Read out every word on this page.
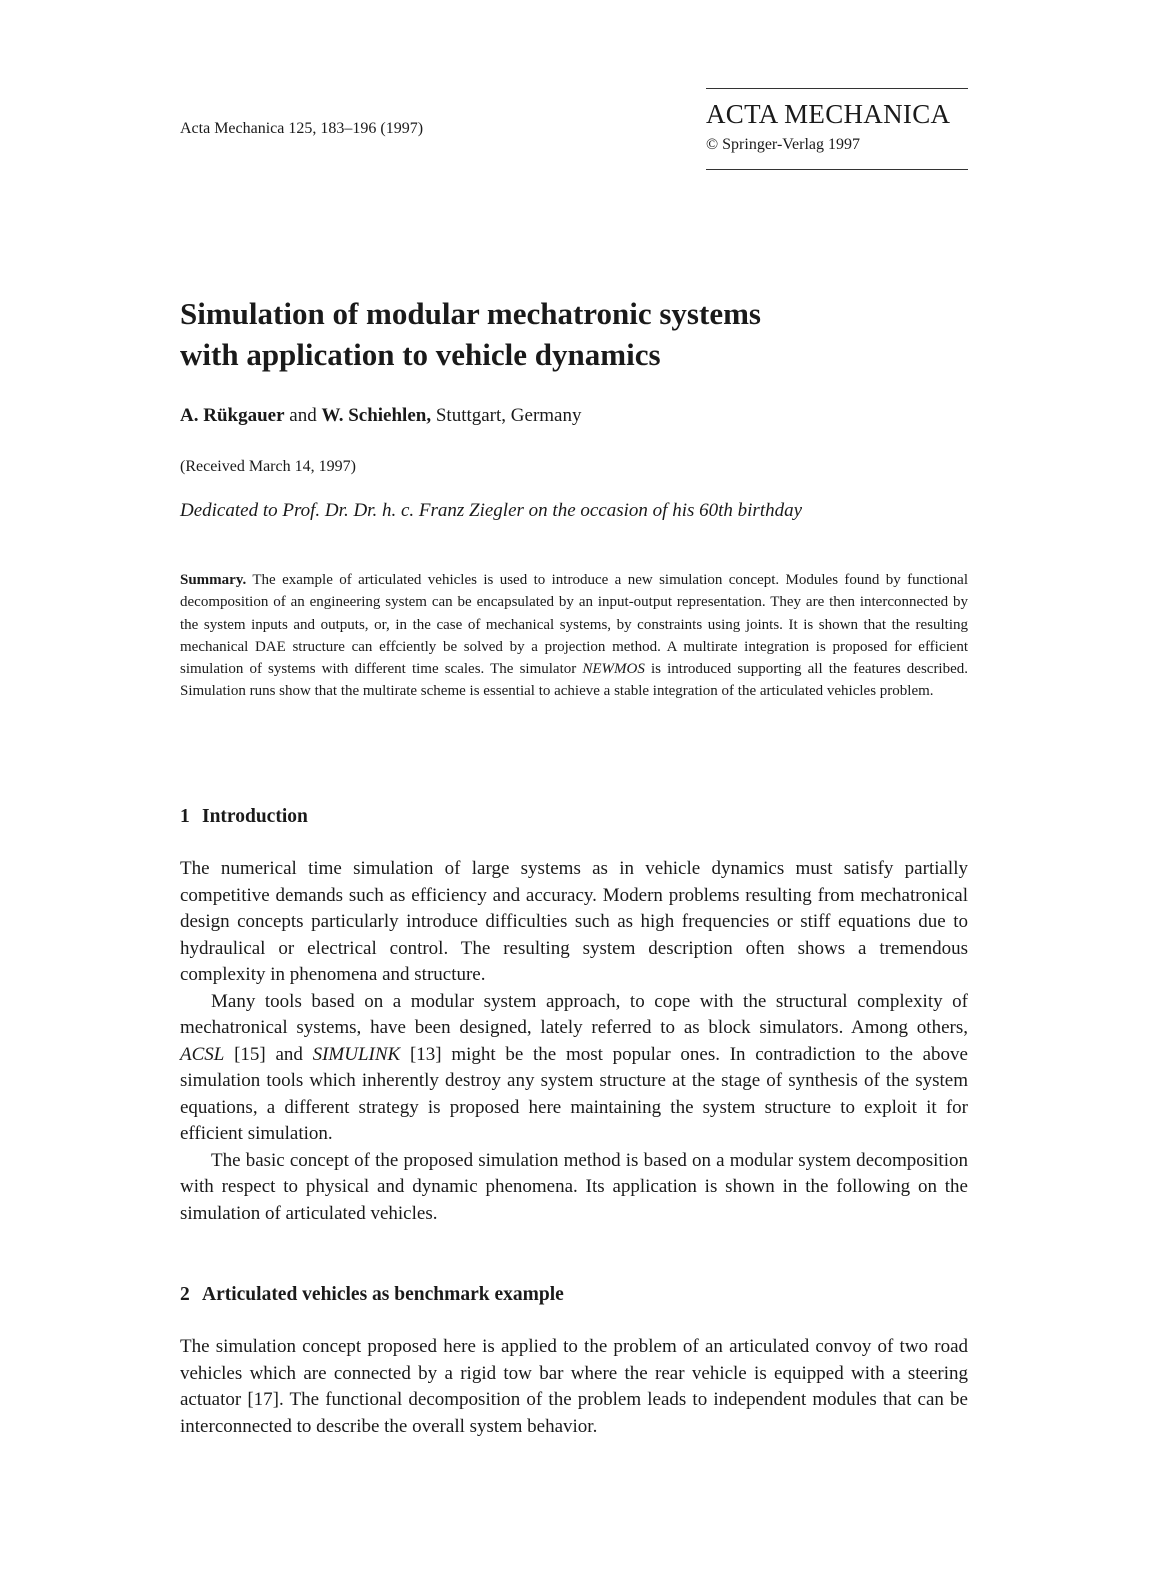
Acta Mechanica 125, 183–196 (1997)	ACTA MECHANICA
© Springer-Verlag 1997
Simulation of modular mechatronic systems
with application to vehicle dynamics
A. Rükgauer and W. Schiehlen, Stuttgart, Germany
(Received March 14, 1997)
Dedicated to Prof. Dr. Dr. h. c. Franz Ziegler on the occasion of his 60th birthday

Summary. The example of articulated vehicles is used to introduce a new simulation concept. Modules found by functional decomposition of an engineering system can be encapsulated by an input-output representation. They are then interconnected by the system inputs and outputs, or, in the case of mechanical systems, by constraints using joints. It is shown that the resulting mechanical DAE structure can effciently be solved by a projection method. A multirate integration is proposed for efficient simulation of systems with different time scales. The simulator NEWMOS is introduced supporting all the features described. Simulation runs show that the multirate scheme is essential to achieve a stable integration of the articulated vehicles problem.

1 Introduction

The numerical time simulation of large systems as in vehicle dynamics must satisfy partially competitive demands such as efficiency and accuracy. Modern problems resulting from mechatronical design concepts particularly introduce difficulties such as high frequencies or stiff equations due to hydraulical or electrical control. The resulting system description often shows a tremendous complexity in phenomena and structure.

Many tools based on a modular system approach, to cope with the structural complexity of mechatronical systems, have been designed, lately referred to as block simulators. Among others, ACSL [15] and SIMULINK [13] might be the most popular ones. In contradiction to the above simulation tools which inherently destroy any system structure at the stage of synthesis of the system equations, a different strategy is proposed here maintaining the system structure to exploit it for efficient simulation.

The basic concept of the proposed simulation method is based on a modular system decomposition with respect to physical and dynamic phenomena. Its application is shown in the following on the simulation of articulated vehicles.

2 Articulated vehicles as benchmark example

The simulation concept proposed here is applied to the problem of an articulated convoy of two road vehicles which are connected by a rigid tow bar where the rear vehicle is equipped with a steering actuator [17]. The functional decomposition of the problem leads to independent modules that can be interconnected to describe the overall system behavior.
